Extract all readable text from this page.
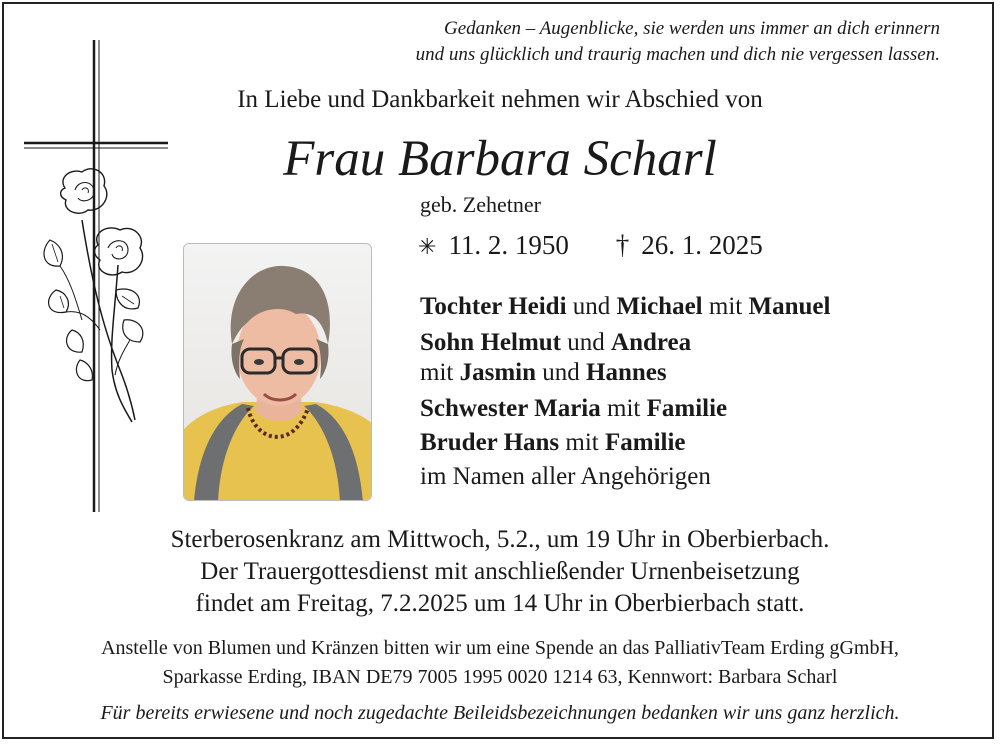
Gedanken – Augenblicke, sie werden uns immer an dich erinnern
und uns glücklich und traurig machen und dich nie vergessen lassen.
In Liebe und Dankbarkeit nehmen wir Abschied von
Frau Barbara Scharl
geb. Zehetner
✳ 11. 2. 1950 † 26. 1. 2025
Tochter Heidi und Michael mit Manuel
Sohn Helmut und Andrea
mit Jasmin und Hannes
Schwester Maria mit Familie
Bruder Hans mit Familie
im Namen aller Angehörigen
Sterberosenkranz am Mittwoch, 5.2., um 19 Uhr in Oberbierbach.
Der Trauergottesdienst mit anschließender Urnenbeisetzung
findet am Freitag, 7.2.2025 um 14 Uhr in Oberbierbach statt.
Anstelle von Blumen und Kränzen bitten wir um eine Spende an das PalliativTeam Erding gGmbH,
Sparkasse Erding, IBAN DE79 7005 1995 0020 1214 63, Kennwort: Barbara Scharl
Für bereits erwiesene und noch zugedachte Beileidsbezeichnungen bedanken wir uns ganz herzlich.
